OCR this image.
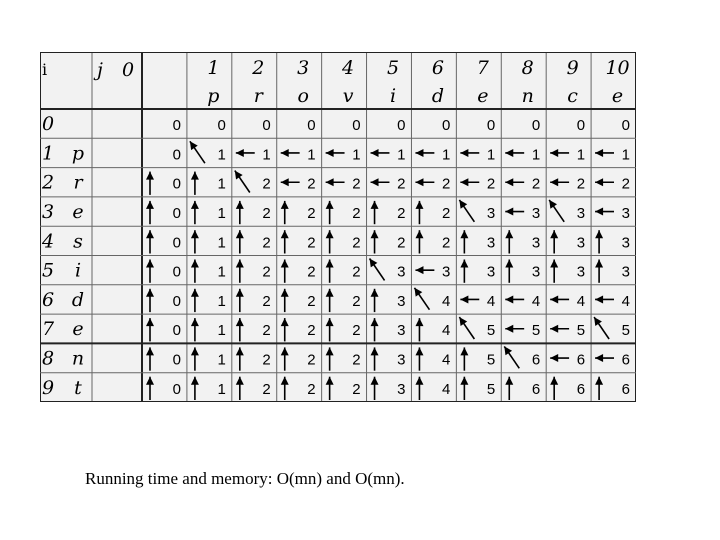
i	j 0	1
p
2
r
3
o
4
v
5
i
6
d
7
e
8
n
9
c
10
e
0
1 p
2 r
3 e
4 s
5 i
6 d
7 e
8 n
9 t
0 0 0 0 0 0 0 0 0 0 0
0 1 1 1 1 1 1 1 1 1 1
0 1 2 2 2 2 2 2 2 2 2
0 1 2 2 2 2 2 3 3 3 3
0 1 2 2 2 2 2 3 3 3 3
0 1 2 2 2 3 3 3 3 3 3
0 1 2 2 2 3 4 4 4 4 4
0 1 2 2 2 3 4 5 5 5 5
0 1 2 2 2 3 4 5 6 6 6
0 1 2 2 2 3 4 5 6 6 6
Running time and memory: O(mn) and O(mn).
